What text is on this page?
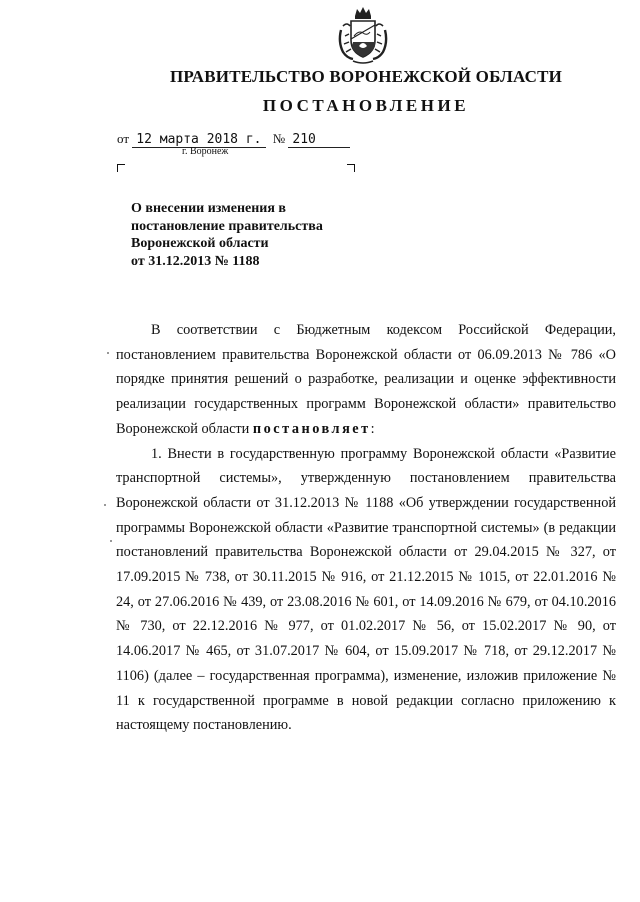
ПРАВИТЕЛЬСТВО ВОРОНЕЖСКОЙ ОБЛАСТИ
ПОСТАНОВЛЕНИЕ
от 12 марта 2018 г. № 210
г. Воронеж
О внесении изменения в
постановление правительства
Воронежской области
от 31.12.2013 № 1188

В соответствии с Бюджетным кодексом Российской Федерации, постановлением правительства Воронежской области от 06.09.2013 № 786 «О порядке принятия решений о разработке, реализации и оценке эффективности реализации государственных программ Воронежской области» правительство Воронежской области постановляет:

1. Внести в государственную программу Воронежской области «Развитие транспортной системы», утвержденную постановлением правительства Воронежской области от 31.12.2013 № 1188 «Об утверждении государственной программы Воронежской области «Развитие транспортной системы» (в редакции постановлений правительства Воронежской области от 29.04.2015 № 327, от 17.09.2015 № 738, от 30.11.2015 № 916, от 21.12.2015 № 1015, от 22.01.2016 № 24, от 27.06.2016 № 439, от 23.08.2016 № 601, от 14.09.2016 № 679, от 04.10.2016 № 730, от 22.12.2016 № 977, от 01.02.2017 № 56, от 15.02.2017 № 90, от 14.06.2017 № 465, от 31.07.2017 № 604, от 15.09.2017 № 718, от 29.12.2017 № 1106) (далее – государственная программа), изменение, изложив приложение № 11 к государственной программе в новой редакции согласно приложению к настоящему постановлению.
